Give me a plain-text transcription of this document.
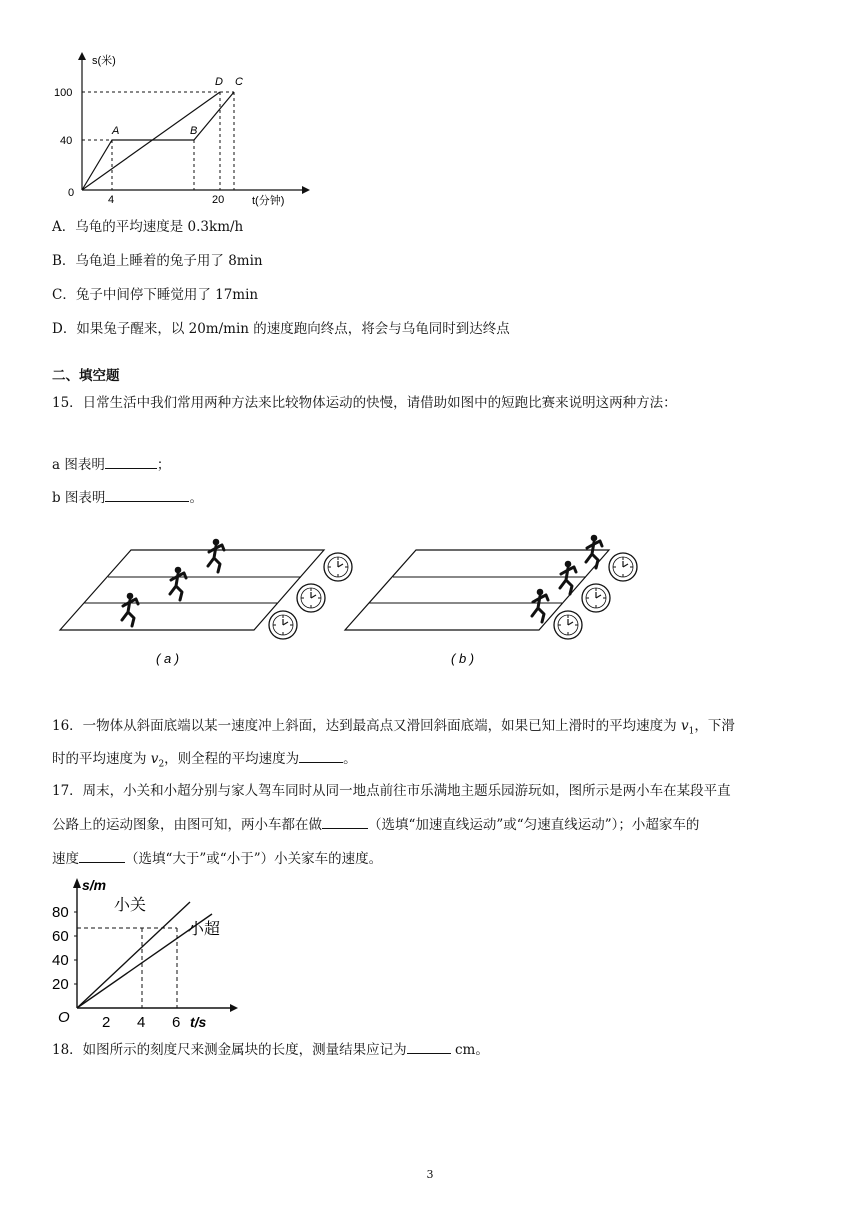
s(米)
100
40
0
4	20	t(分钟)
A	B
D C
A．乌龟的平均速度是 0.3km/h
B．乌龟追上睡着的兔子用了 8min
C．兔子中间停下睡觉用了 17min
D．如果兔子醒来，以 20m/min 的速度跑向终点，将会与乌龟同时到达终点
二、填空题
15．日常生活中我们常用两种方法来比较物体运动的快慢，请借助如图中的短跑比赛来说明这两种方法：
a 图表明	；
b 图表明	。
( a )	( b )
16．一物体从斜面底端以某一速度冲上斜面，达到最高点又滑回斜面底端，如果已知上滑时的平均速度为 $v_1$，下滑
时的平均速度为 $v_2$，则全程的平均速度为	。
17．周末，小关和小超分别与家人驾车同时从同一地点前往市乐满地主题乐园游玩如，图所示是两小车在某段平直
公路上的运动图象，由图可知，两小车都在做	（选填“加速直线运动”或“匀速直线运动”）；小超家车的
速度	（选填“大于”或“小于”）小关家车的速度。
s/m
80
60
40
20
O 2 4 6 t/s
小关
小超
18．如图所示的刻度尺来测金属块的长度，测量结果应记为	cm。
3
